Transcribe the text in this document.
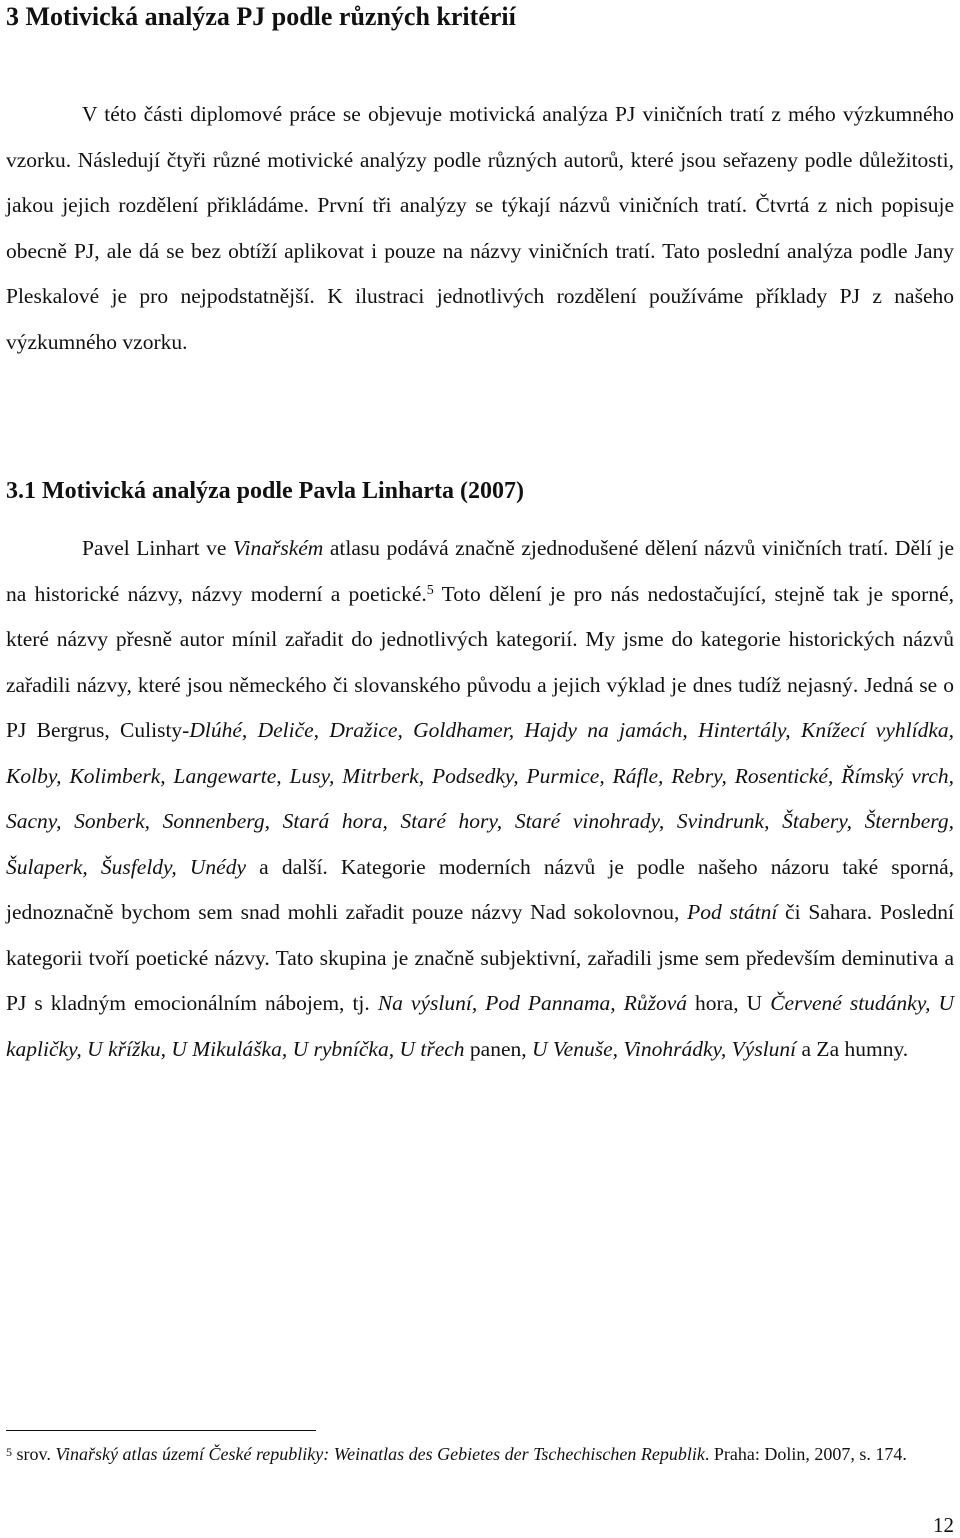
3 Motivická analýza PJ podle různých kritérií

V této části diplomové práce se objevuje motivická analýza PJ viničních tratí z mého výzkumného vzorku. Následují čtyři různé motivické analýzy podle různých autorů, které jsou seřazeny podle důležitosti, jakou jejich rozdělení přikládáme. První tři analýzy se týkají názvů viničních tratí. Čtvrtá z nich popisuje obecně PJ, ale dá se bez obtíží aplikovat i pouze na názvy viničních tratí. Tato poslední analýza podle Jany Pleskalové je pro nejpodstatnější. K ilustraci jednotlivých rozdělení používáme příklady PJ z našeho výzkumného vzorku.

3.1 Motivická analýza podle Pavla Linharta (2007)

Pavel Linhart ve Vinařském atlasu podává značně zjednodušené dělení názvů viničních tratí. Dělí je na historické názvy, názvy moderní a poetické.$^5$ Toto dělení je pro nás nedostačující, stejně tak je sporné, které názvy přesně autor mínil zařadit do jednotlivých kategorií. My jsme do kategorie historických názvů zařadili názvy, které jsou německého či slovanského původu a jejich výklad je dnes tudíž nejasný. Jedná se o PJ Bergrus, Culisty-Dlúhé, Deliče, Dražice, Goldhamer, Hajdy na jamách, Hintertály, Knížecí vyhlídka, Kolby, Kolimberk, Langewarte, Lusy, Mitrberk, Podsedky, Purmice, Ráfle, Rebry, Rosentické, Římský vrch, Sacny, Sonberk, Sonnenberg, Stará hora, Staré hory, Staré vinohrady, Svindrunk, Štabery, Šternberg, Šulaperk, Šusfeldy, Unédy a další. Kategorie moderních názvů je podle našeho názoru také sporná, jednoznačně bychom sem snad mohli zařadit pouze názvy Nad sokolovnou, Pod státní či Sahara. Poslední kategorii tvoří poetické názvy. Tato skupina je značně subjektivní, zařadili jsme sem především deminutiva a PJ s kladným emocionálním nábojem, tj. Na výsluní, Pod Pannama, Růžová hora, U Červené studánky, U kapličky, U křížku, U Mikuláška, U rybníčka, U třech panen, U Venuše, Vinohrádky, Výsluní a Za humny.

$^5$ srov. Vinařský atlas území České republiky: Weinatlas des Gebietes der Tschechischen Republik. Praha: Dolin, 2007, s. 174.

12
